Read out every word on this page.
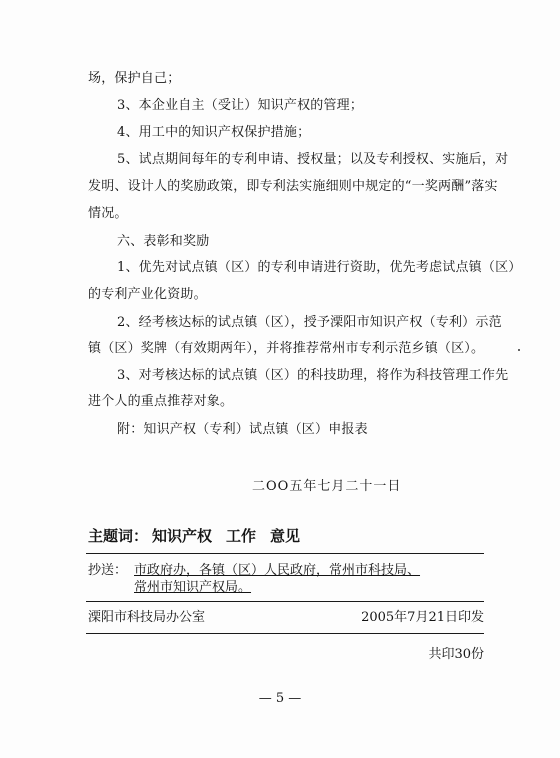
场，保护自己；
3、本企业自主（受让）知识产权的管理；
4、用工中的知识产权保护措施；
5、试点期间每年的专利申请、授权量；以及专利授权、实施后，对
发明、设计人的奖励政策，即专利法实施细则中规定的“一奖两酬”落实
情况。
六、表彰和奖励
1、优先对试点镇（区）的专利申请进行资助，优先考虑试点镇（区）
的专利产业化资助。
2、经考核达标的试点镇（区），授予溧阳市知识产权（专利）示范
镇（区）奖牌（有效期两年），并将推荐常州市专利示范乡镇（区）。
3、对考核达标的试点镇（区）的科技助理，将作为科技管理工作先
进个人的重点推荐对象。
附：知识产权（专利）试点镇（区）申报表
二OO五年七月二十一日
主题词： 知识产权 工作 意见
抄送： 市政府办，各镇（区）人民政府，常州市科技局、
常州市知识产权局。
溧阳市科技局办公室	2005年7月21日印发
共印30份
— 5 —
